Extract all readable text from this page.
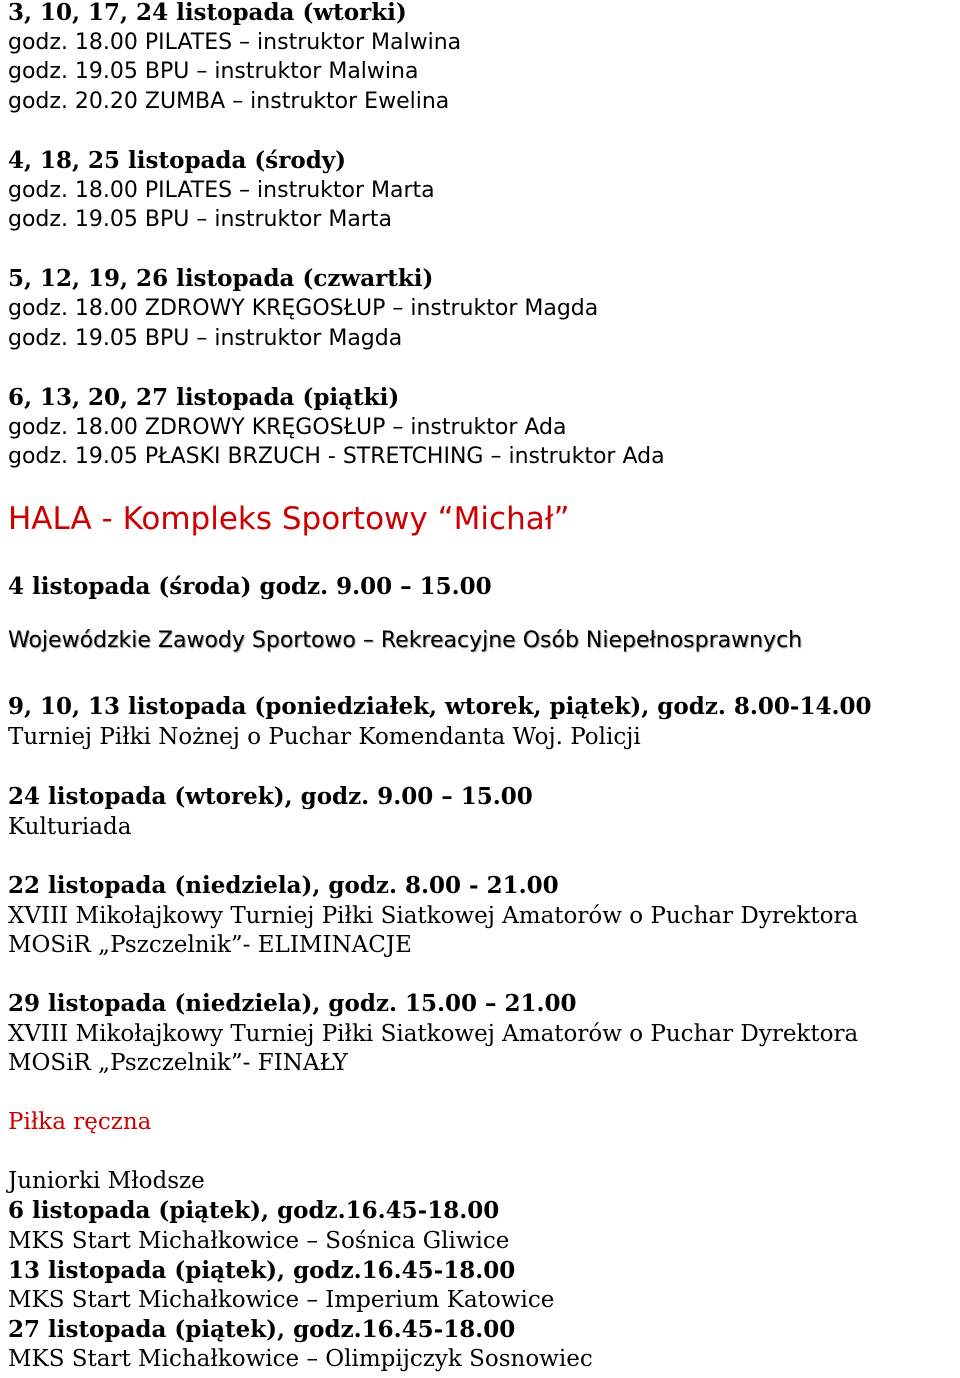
3, 10, 17, 24 listopada (wtorki)
godz. 18.00 PILATES – instruktor Malwina
godz. 19.05 BPU – instruktor Malwina
godz. 20.20 ZUMBA – instruktor Ewelina
4, 18, 25 listopada (środy)
godz. 18.00 PILATES – instruktor Marta
godz. 19.05 BPU – instruktor Marta
5, 12, 19, 26 listopada (czwartki)
godz. 18.00 ZDROWY KRĘGOSŁUP – instruktor Magda
godz. 19.05 BPU – instruktor Magda
6, 13, 20, 27 listopada (piątki)
godz. 18.00 ZDROWY KRĘGOSŁUP – instruktor Ada
godz. 19.05 PŁASKI BRZUCH - STRETCHING – instruktor Ada
HALA - Kompleks Sportowy “Michał”
4 listopada (środa) godz. 9.00 – 15.00
Wojewódzkie Zawody Sportowo – Rekreacyjne Osób Niepełnosprawnych
9, 10, 13 listopada (poniedziałek, wtorek, piątek), godz. 8.00-14.00
Turniej Piłki Nożnej o Puchar Komendanta Woj. Policji
24 listopada (wtorek), godz. 9.00 – 15.00
Kulturiada
22 listopada (niedziela), godz. 8.00 - 21.00
XVIII Mikołajkowy Turniej Piłki Siatkowej Amatorów o Puchar Dyrektora
MOSiR „Pszczelnik”- ELIMINACJE
29 listopada (niedziela), godz. 15.00 – 21.00
XVIII Mikołajkowy Turniej Piłki Siatkowej Amatorów o Puchar Dyrektora
MOSiR „Pszczelnik”- FINAŁY
Piłka ręczna
Juniorki Młodsze
6 listopada (piątek), godz.16.45-18.00
MKS Start Michałkowice – Sośnica Gliwice
13 listopada (piątek), godz.16.45-18.00
MKS Start Michałkowice – Imperium Katowice
27 listopada (piątek), godz.16.45-18.00
MKS Start Michałkowice – Olimpijczyk Sosnowiec
